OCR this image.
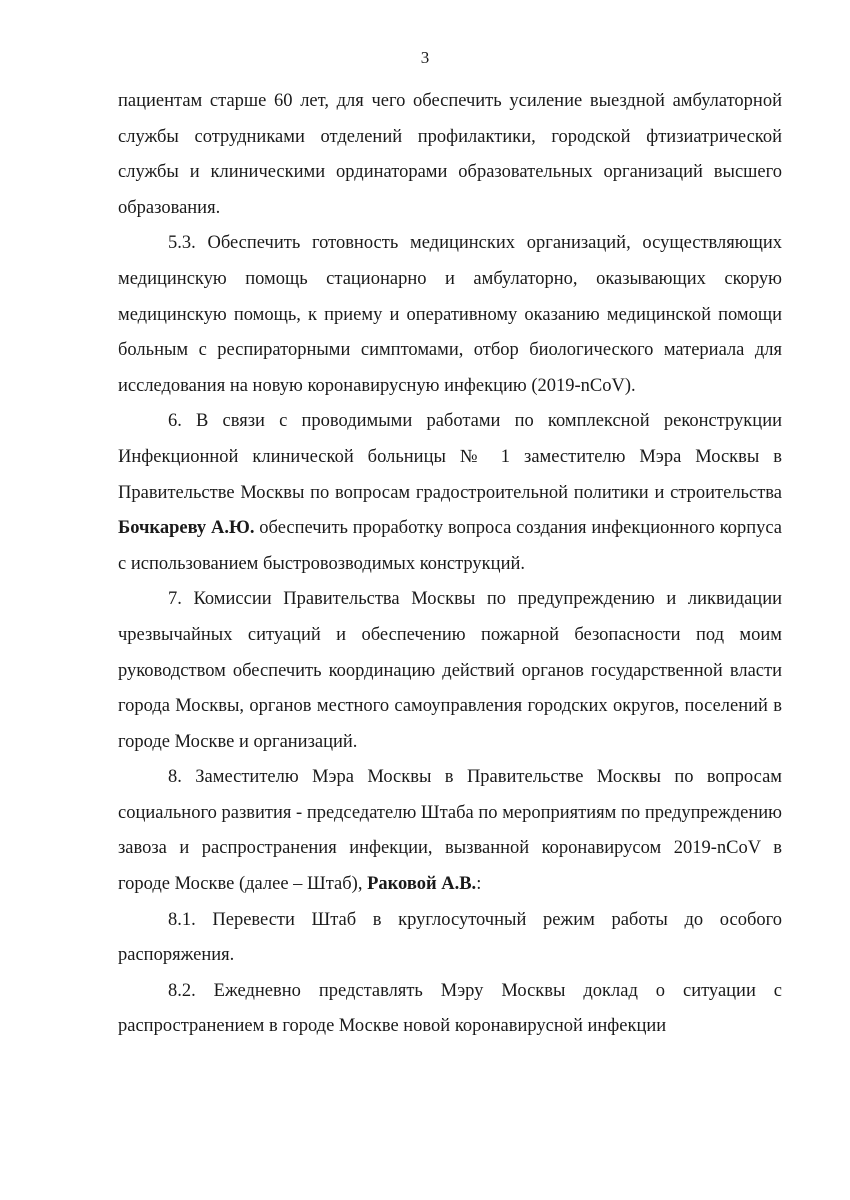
3

пациентам старше 60 лет, для чего обеспечить усиление выездной амбулаторной службы сотрудниками отделений профилактики, городской фтизиатрической службы и клиническими ординаторами образовательных организаций высшего образования.

5.3. Обеспечить готовность медицинских организаций, осуществляющих медицинскую помощь стационарно и амбулаторно, оказывающих скорую медицинскую помощь, к приему и оперативному оказанию медицинской помощи больным с респираторными симптомами, отбор биологического материала для исследования на новую коронавирусную инфекцию (2019-nCoV).

6. В связи с проводимыми работами по комплексной реконструкции Инфекционной клинической больницы № 1 заместителю Мэра Москвы в Правительстве Москвы по вопросам градостроительной политики и строительства Бочкареву А.Ю. обеспечить проработку вопроса создания инфекционного корпуса с использованием быстровозводимых конструкций.

7. Комиссии Правительства Москвы по предупреждению и ликвидации чрезвычайных ситуаций и обеспечению пожарной безопасности под моим руководством обеспечить координацию действий органов государственной власти города Москвы, органов местного самоуправления городских округов, поселений в городе Москве и организаций.

8. Заместителю Мэра Москвы в Правительстве Москвы по вопросам социального развития - председателю Штаба по мероприятиям по предупреждению завоза и распространения инфекции, вызванной коронавирусом 2019-nCoV в городе Москве (далее – Штаб), Раковой А.В.:

8.1. Перевести Штаб в круглосуточный режим работы до особого распоряжения.

8.2. Ежедневно представлять Мэру Москвы доклад о ситуации с распространением в городе Москве новой коронавирусной инфекции
